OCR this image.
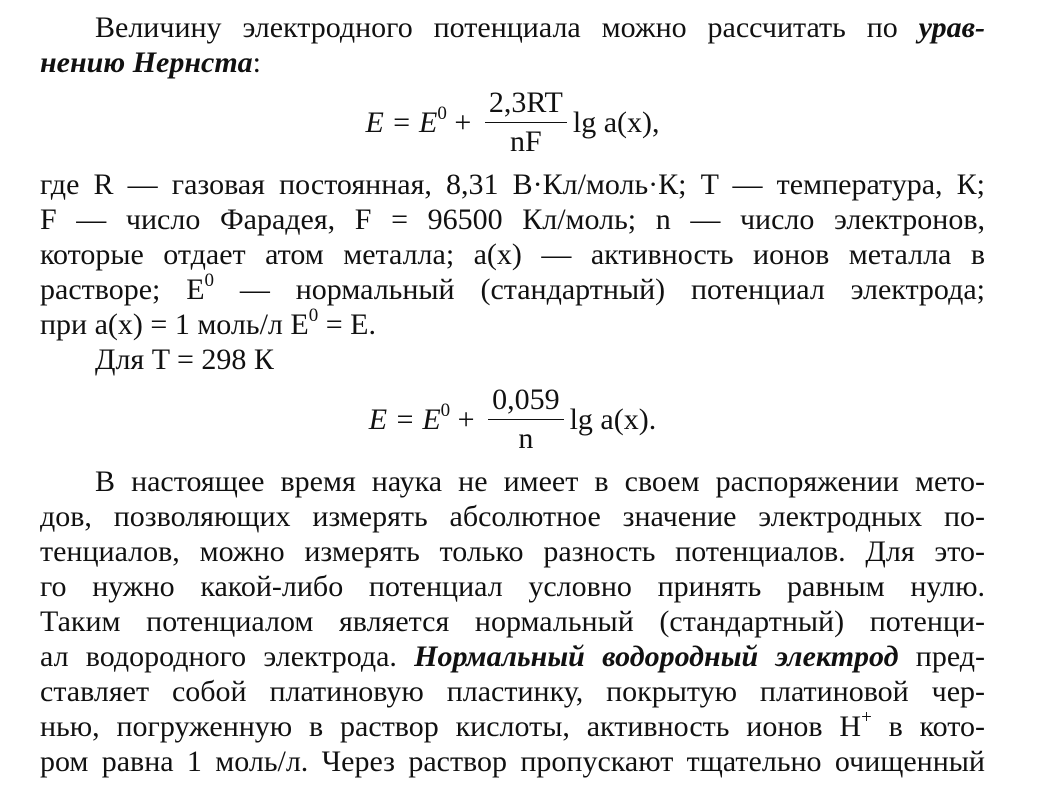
Величину электродного потенциала можно рассчитать по урав-

нению Нернста:

$E = E^0 + \frac{2,3RT}{nF}$ lg a(x),

где R — газовая постоянная, 8,31 В·Кл/моль·К; T — температура, К;

F — число Фарадея, F = 96500 Кл/моль; n — число электронов,

которые отдает атом металла; a(x) — активность ионов металла в

растворе; $E^0$ — нормальный (стандартный) потенциал электрода;

при a(x) = 1 моль/л $E^0 = E$.

Для T = 298 К

$E = E^0 + \frac{0,059}{n}$ lg a(x).

В настоящее время наука не имеет в своем распоряжении мето-

дов, позволяющих измерять абсолютное значение электродных по-

тенциалов, можно измерять только разность потенциалов. Для это-

го нужно какой-либо потенциал условно принять равным нулю.

Таким потенциалом является нормальный (стандартный) потенци-

ал водородного электрода. Нормальный водородный электрод пред-

ставляет собой платиновую пластинку, покрытую платиновой чер-

нью, погруженную в раствор кислоты, активность ионов H+ в кото-

ром равна 1 моль/л. Через раствор пропускают тщательно очищенный
